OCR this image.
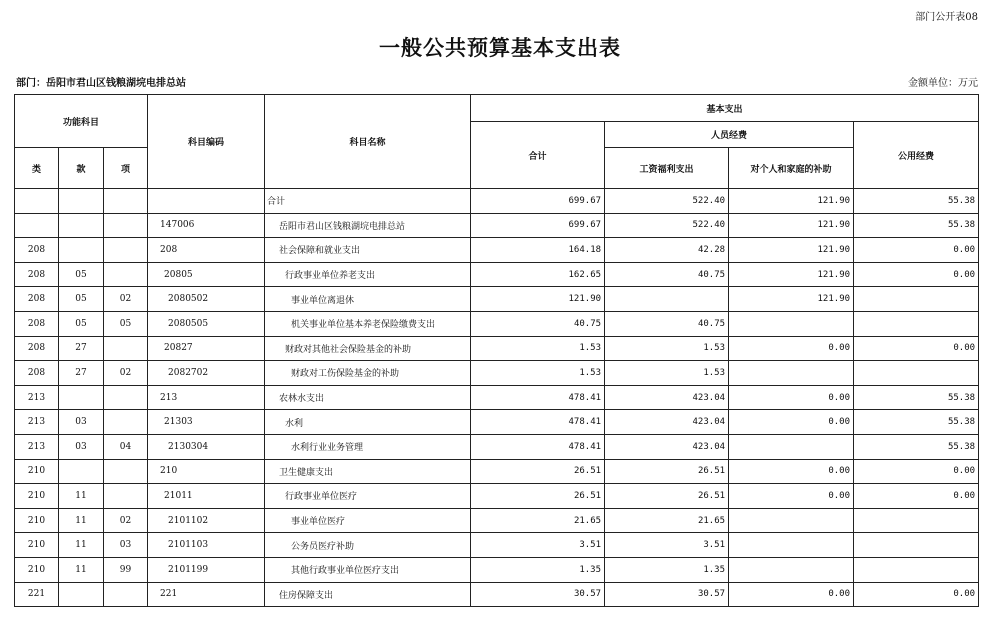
部门公开表08
一般公共预算基本支出表
部门：岳阳市君山区钱粮湖垸电排总站	金额单位：万元
功能科目			科目编码	科目名称	基本支出			
					合计	人员经费		公用经费
类	款	项				工资福利支出	对个人和家庭的补助	
				合计	699.67	522.40	121.90	55.38
			147006	岳阳市君山区钱粮湖垸电排总站	699.67	522.40	121.90	55.38
208			208	社会保障和就业支出	164.18	42.28	121.90	0.00
208	05		20805	行政事业单位养老支出	162.65	40.75	121.90	0.00
208	05	02	2080502	事业单位离退休	121.90		121.90	
208	05	05	2080505	机关事业单位基本养老保险缴费支出	40.75	40.75		
208	27		20827	财政对其他社会保险基金的补助	1.53	1.53	0.00	0.00
208	27	02	2082702	财政对工伤保险基金的补助	1.53	1.53		
213			213	农林水支出	478.41	423.04	0.00	55.38
213	03		21303	水利	478.41	423.04	0.00	55.38
213	03	04	2130304	水利行业业务管理	478.41	423.04		55.38
210			210	卫生健康支出	26.51	26.51	0.00	0.00
210	11		21011	行政事业单位医疗	26.51	26.51	0.00	0.00
210	11	02	2101102	事业单位医疗	21.65	21.65		
210	11	03	2101103	公务员医疗补助	3.51	3.51		
210	11	99	2101199	其他行政事业单位医疗支出	1.35	1.35		
221			221	住房保障支出	30.57	30.57	0.00	0.00
